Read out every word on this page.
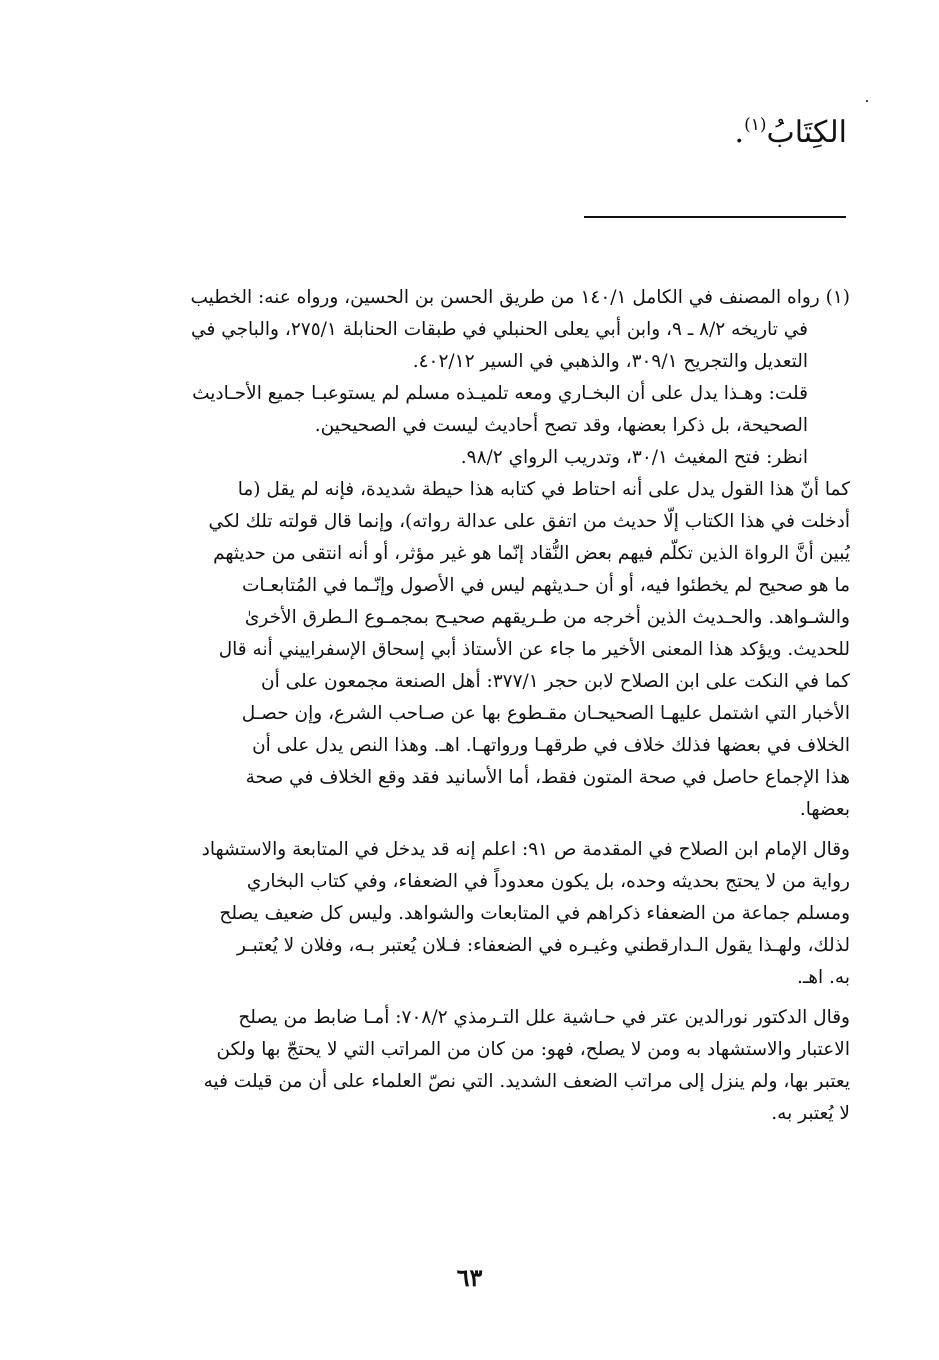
الكِتَابُ$^{(١)}$.
(١) رواه المصنف في الكامل ١٤٠/١ من طريق الحسن بن الحسين، ورواه عنه: الخطيب
في تاريخه ٨/٢ ـ ٩، وابن أبي يعلى الحنبلي في طبقات الحنابلة ٢٧٥/١، والباجي في
التعديل والتجريح ٣٠٩/١، والذهبي في السير ٤٠٢/١٢.
قلت: وهـذا يدل على أن البخـاري ومعه تلميـذه مسلم لم يستوعبـا جميع الأحـاديث
الصحيحة، بل ذكرا بعضها، وقد تصح أحاديث ليست في الصحيحين.
انظر: فتح المغيث ٣٠/١، وتدريب الرواي ٩٨/٢.
كما أنّ هذا القول يدل على أنه احتاط في كتابه هذا حيطة شديدة، فإنه لم يقل (ما
أدخلت في هذا الكتاب إلّا حديث من اتفق على عدالة رواته)، وإنما قال قولته تلك لكي
يُبين أنَّ الرواة الذين تكلّم فيهم بعض النُّقاد إنّما هو غير مؤثر، أو أنه انتقى من حديثهم
ما هو صحيح لم يخطئوا فيه، أو أن حـديثهم ليس في الأصول وإنّـما في المُتابعـات
والشـواهد. والحـديث الذين أخرجه من طـريقهم صحيـح بمجمـوع الـطرق الأخرىٰ
للحديث. ويؤكد هذا المعنى الأخير ما جاء عن الأستاذ أبي إسحاق الإسفراييني أنه قال
كما في النكت على ابن الصلاح لابن حجر ٣٧٧/١: أهل الصنعة مجمعون على أن
الأخبار التي اشتمل عليهـا الصحيحـان مقـطوع بها عن صـاحب الشرع، وإن حصـل
الخلاف في بعضها فذلك خلاف في طرقهـا ورواتهـا. اهـ. وهذا النص يدل على أن
هذا الإجماع حاصل في صحة المتون فقط، أما الأسانيد فقد وقع الخلاف في صحة
بعضها.
وقال الإمام ابن الصلاح في المقدمة ص ٩١: اعلم إنه قد يدخل في المتابعة والاستشهاد
رواية من لا يحتج بحديثه وحده، بل يكون معدوداً في الضعفاء، وفي كتاب البخاري
ومسلم جماعة من الضعفاء ذكراهم في المتابعات والشواهد. وليس كل ضعيف يصلح
لذلك، ولهـذا يقول الـدارقطني وغيـره في الضعفاء: فـلان يُعتبر بـه، وفلان لا يُعتبـر
به. اهـ.
وقال الدكتور نورالدين عتر في حـاشية علل التـرمذي ٧٠٨/٢: أمـا ضابط من يصلح
الاعتبار والاستشهاد به ومن لا يصلح، فهو: من كان من المراتب التي لا يحتجّ بها ولكن
يعتبر بها، ولم ينزل إلى مراتب الضعف الشديد. التي نصّ العلماء على أن من قيلت فيه
لا يُعتبر به.
٦٣
